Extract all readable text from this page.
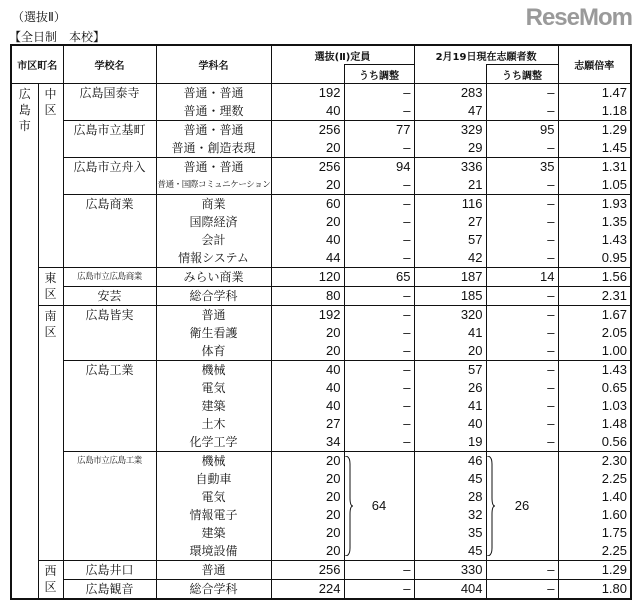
（選抜Ⅱ）
【全日制　本校】
市区町名		学校名	学科名	選抜(Ⅱ)定員		2月19日現在志願者数		志願倍率
					うち調整		うち調整	
広島市	中区	広島国泰寺	普通・普通	192	–	283	–	1.47
			普通・理数	40	–	47	–	1.18
		広島市立基町	普通・普通	256	77	329	95	1.29
			普通・創造表現	20	–	29	–	1.45
		広島市立舟入	普通・普通	256	94	336	35	1.31
			普通・国際コミュニケーション	20	–	21	–	1.05
		広島商業	商業	60	–	116	–	1.93
			国際経済	20	–	27	–	1.35
			会計	40	–	57	–	1.43
			情報システム	44	–	42	–	0.95
	東区	広島市立広島商業	みらい商業	120	65	187	14	1.56
		安芸	総合学科	80	–	185	–	2.31
	南区	広島皆実	普通	192	–	320	–	1.67
			衛生看護	20	–	41	–	2.05
			体育	20	–	20	–	1.00
		広島工業	機械	40	–	57	–	1.43
			電気	40	–	26	–	0.65
			建築	40	–	41	–	1.03
			土木	27	–	40	–	1.48
			化学工学	34	–	19	–	0.56
		広島市立広島工業	機械	20	64	46	26	2.30
			自動車	20		45		2.25
			電気	20		28		1.40
			情報電子	20		32		1.60
			建築	20		35		1.75
			環境設備	20		45		2.25
	西区	広島井口	普通	256	–	330	–	1.29
		広島観音	総合学科	224	–	404	–	1.80
ReseMom
